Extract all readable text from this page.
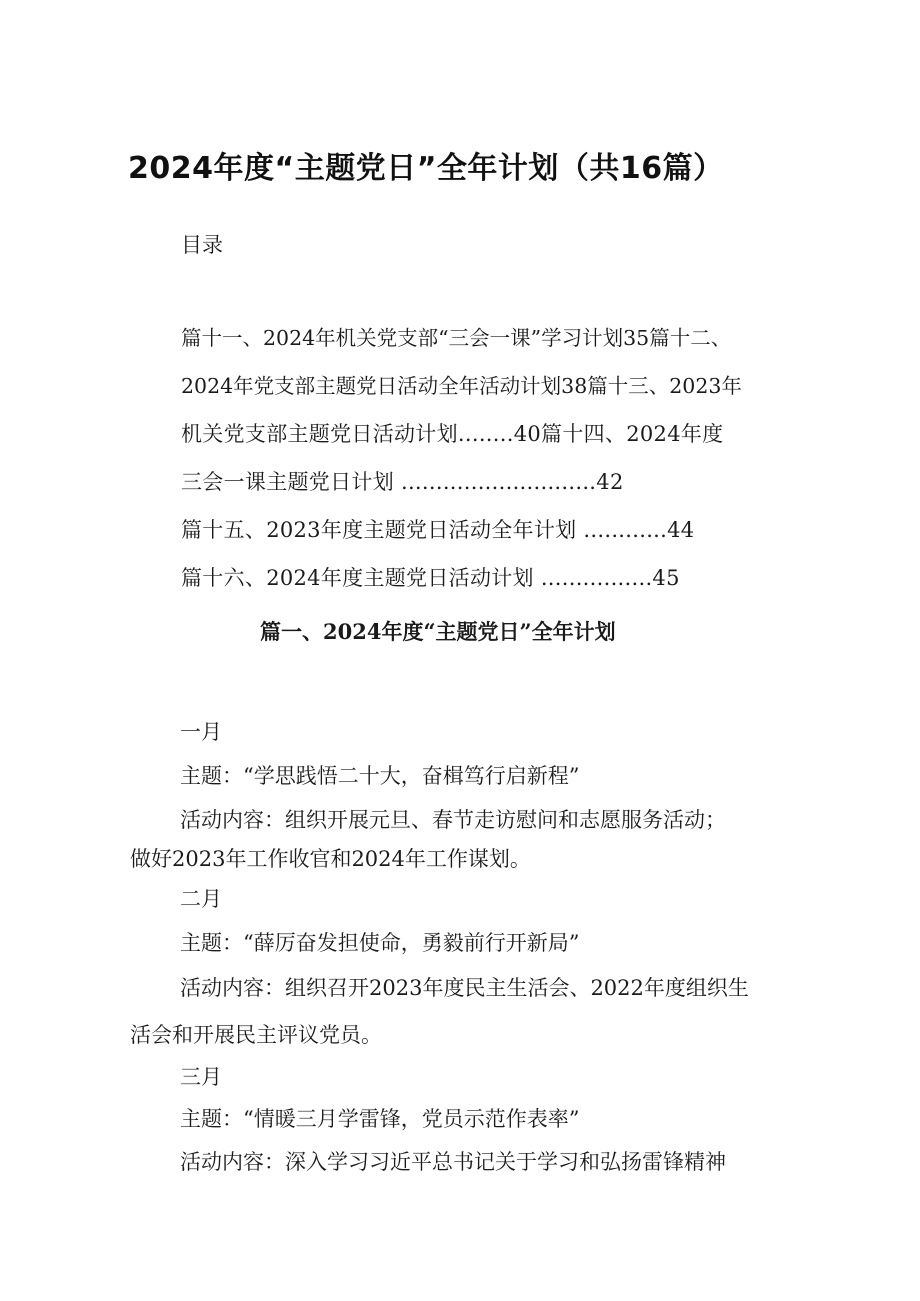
2024年度“主题党日”全年计划（共16篇）
目录
篇十一、2024年机关党支部“三会一课”学习计划35篇十二、
2024年党支部主题党日活动全年活动计划38篇十三、2023年
机关党支部主题党日活动计划........40篇十四、2024年度
三会一课主题党日计划 ............................42
篇十五、2023年度主题党日活动全年计划 ............44
篇十六、2024年度主题党日活动计划 ................45
篇一、2024年度“主题党日”全年计划
一月
主题：“学思践悟二十大，奋楫笃行启新程”
活动内容：组织开展元旦、春节走访慰问和志愿服务活动；
做好2023年工作收官和2024年工作谋划。
二月
主题：“薛厉奋发担使命，勇毅前行开新局”
活动内容：组织召开2023年度民主生活会、2022年度组织生
活会和开展民主评议党员。
三月
主题：“情暖三月学雷锋，党员示范作表率”
活动内容：深入学习习近平总书记关于学习和弘扬雷锋精神
